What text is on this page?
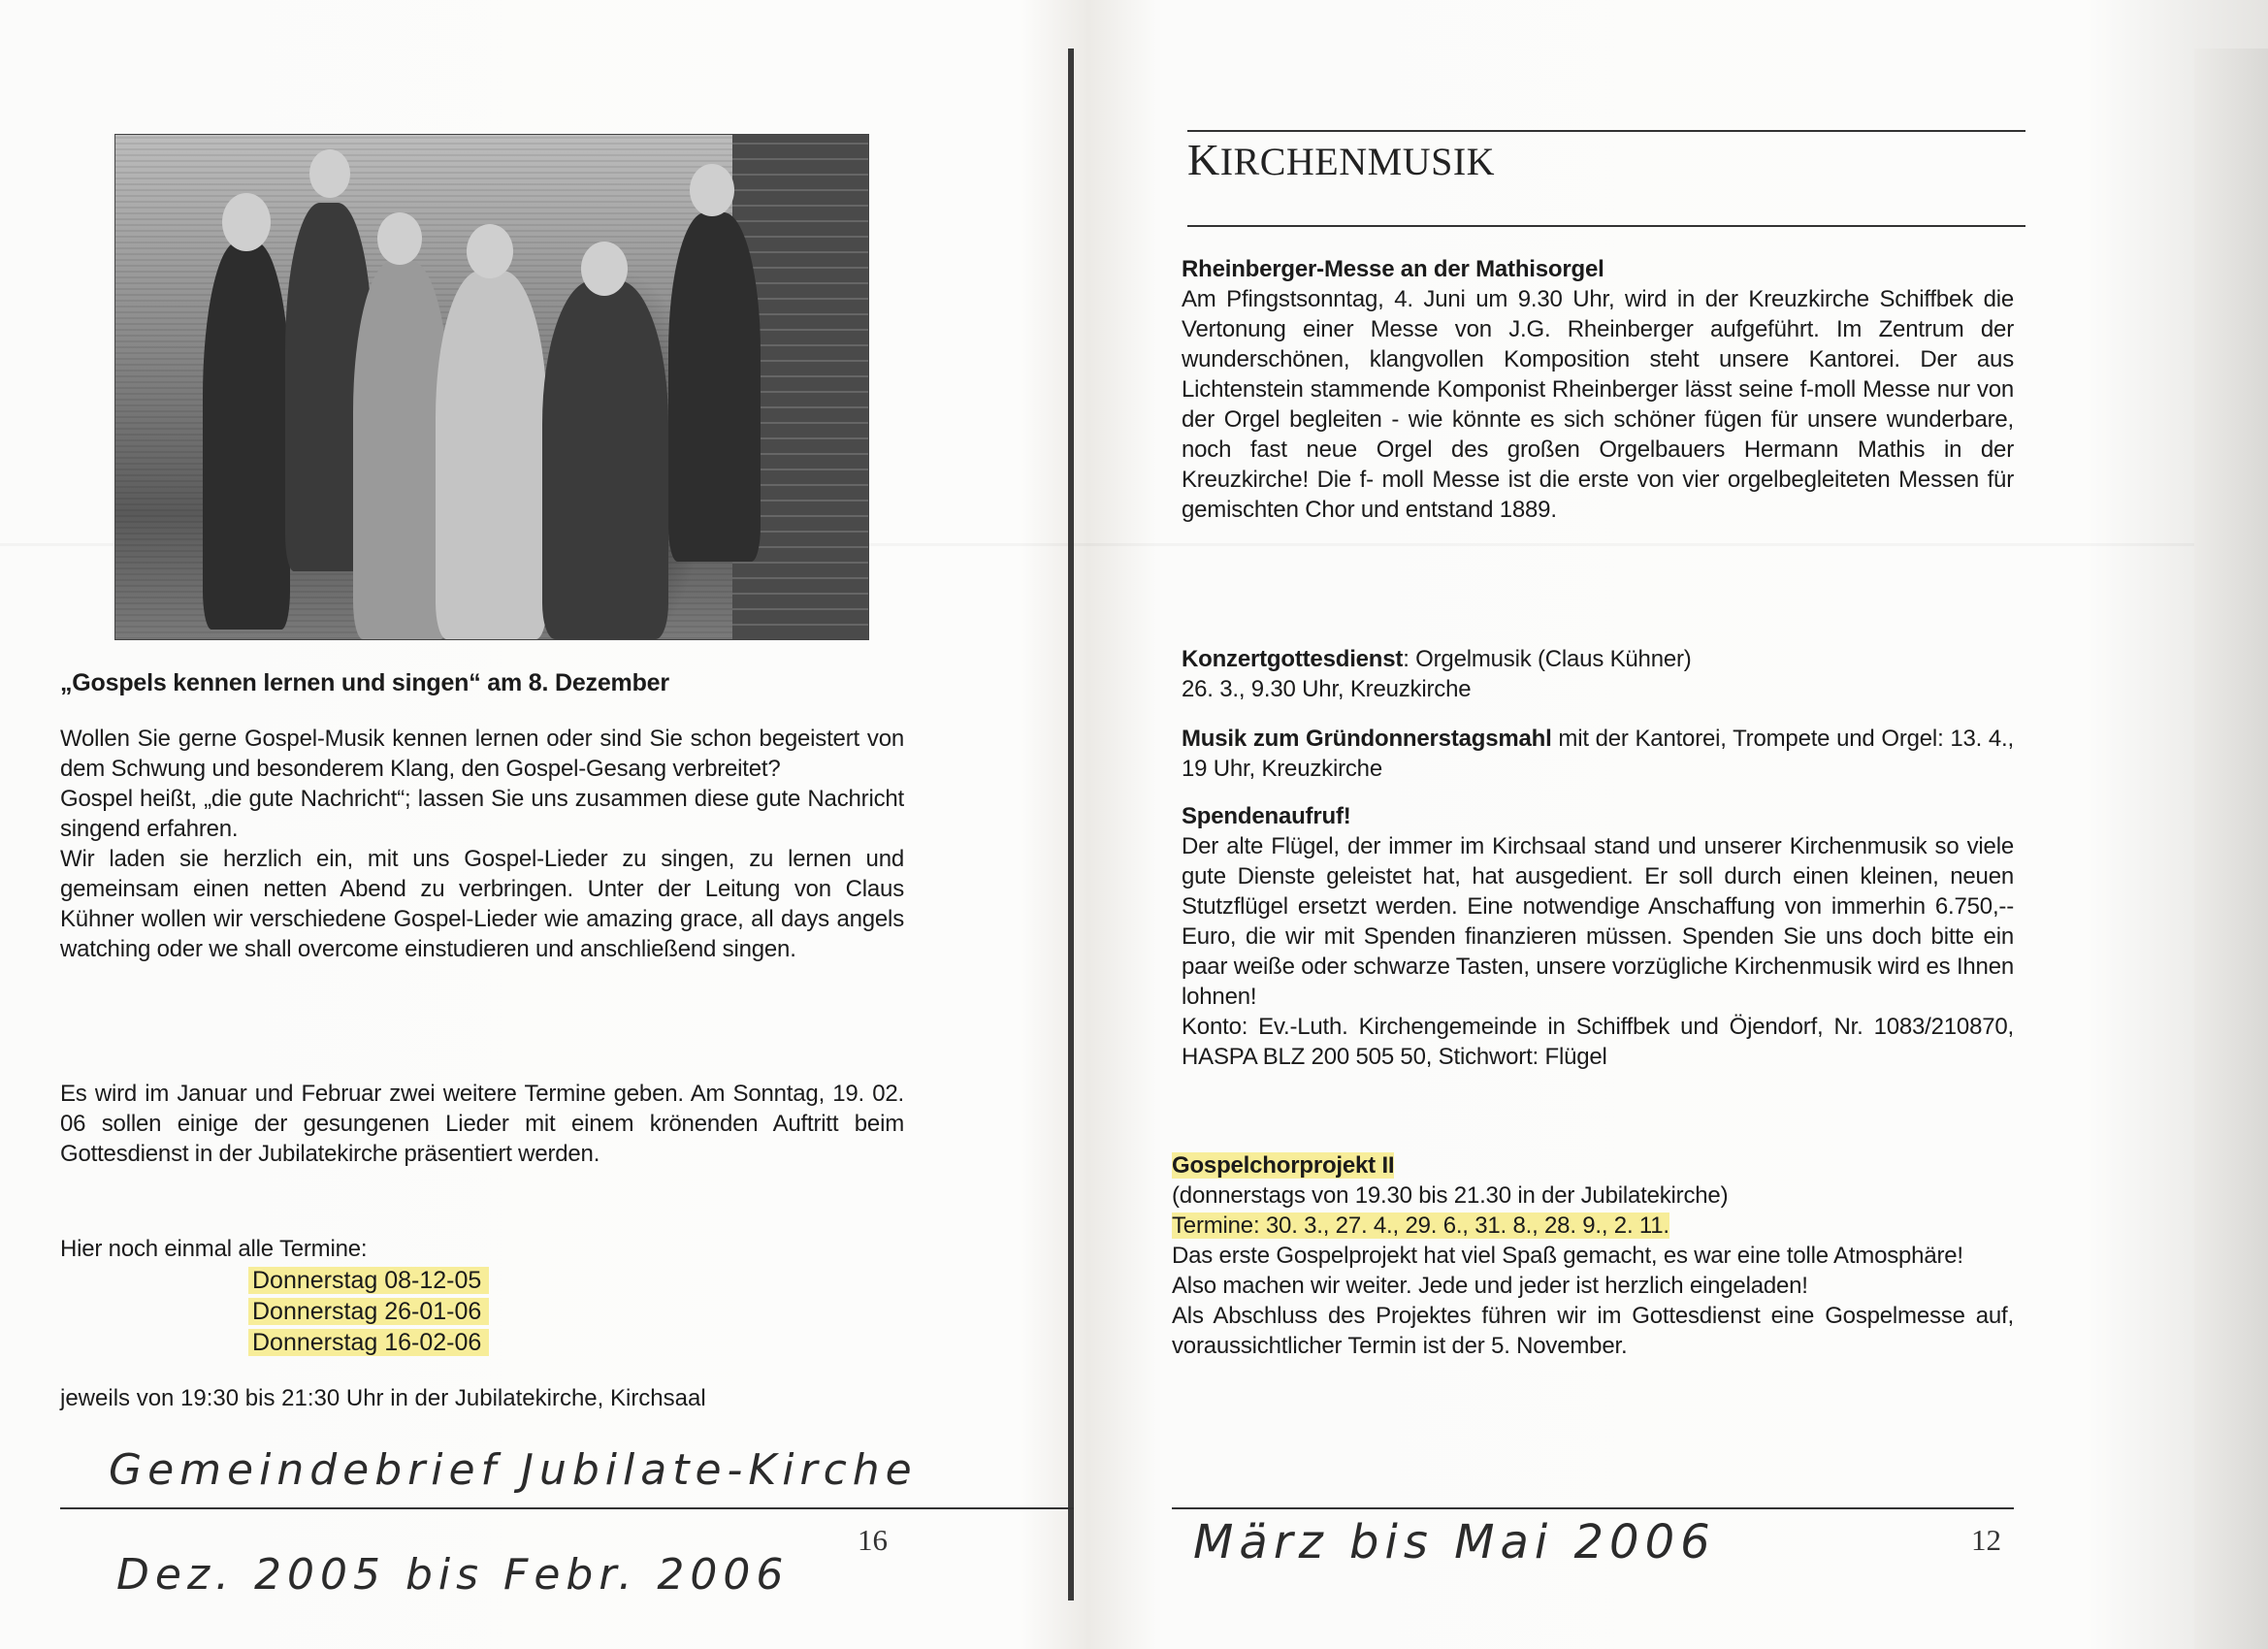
„Gospels kennen lernen und singen“ am 8. Dezember

Wollen Sie gerne Gospel-Musik kennen lernen oder sind Sie schon begeistert von dem Schwung und besonderem Klang, den Gospel-Gesang verbreitet?

Gospel heißt, „die gute Nachricht“; lassen Sie uns zusammen diese gute Nachricht singend erfahren.

Wir laden sie herzlich ein, mit uns Gospel-Lieder zu singen, zu lernen und gemeinsam einen netten Abend zu verbringen. Unter der Leitung von Claus Kühner wollen wir verschiedene Gospel-Lieder wie amazing grace, all days angels watching oder we shall overcome einstudieren und anschließend singen.

Es wird im Januar und Februar zwei weitere Termine geben. Am Sonntag, 19. 02. 06 sollen einige der gesungenen Lieder mit einem krönenden Auftritt beim Gottesdienst in der Jubilatekirche präsentiert werden.

Hier noch einmal alle Termine:
Donnerstag 08-12-05
Donnerstag 26-01-06
Donnerstag 16-02-06
jeweils von 19:30 bis 21:30 Uhr in der Jubilatekirche, Kirchsaal
Gemeindebrief Jubilate-Kirche
16
Dez. 2005 bis Febr. 2006
KIRCHENMUSIK

Rheinberger-Messe an der Mathisorgel

Am Pfingstsonntag, 4. Juni um 9.30 Uhr, wird in der Kreuzkirche Schiffbek die Vertonung einer Messe von J.G. Rheinberger aufgeführt. Im Zentrum der wunderschönen, klangvollen Komposition steht unsere Kantorei. Der aus Lichtenstein stammende Komponist Rheinberger lässt seine f-moll Messe nur von der Orgel begleiten - wie könnte es sich schöner fügen für unsere wunderbare, noch fast neue Orgel des großen Orgelbauers Hermann Mathis in der Kreuzkirche! Die f- moll Messe ist die erste von vier orgelbegleiteten Messen für gemischten Chor und entstand 1889.

Konzertgottesdienst: Orgelmusik (Claus Kühner)

26. 3., 9.30 Uhr, Kreuzkirche

Musik zum Gründonnerstagsmahl mit der Kantorei, Trompete und Orgel: 13. 4., 19 Uhr, Kreuzkirche

Spendenaufruf!

Der alte Flügel, der immer im Kirchsaal stand und unserer Kirchenmusik so viele gute Dienste geleistet hat, hat ausgedient. Er soll durch einen kleinen, neuen Stutzflügel ersetzt werden. Eine notwendige Anschaffung von immerhin 6.750,-- Euro, die wir mit Spenden finanzieren müssen. Spenden Sie uns doch bitte ein paar weiße oder schwarze Tasten, unsere vorzügliche Kirchenmusik wird es Ihnen lohnen!

Konto: Ev.-Luth. Kirchengemeinde in Schiffbek und Öjendorf, Nr. 1083/210870, HASPA BLZ 200 505 50, Stichwort: Flügel

Gospelchorprojekt II

(donnerstags von 19.30 bis 21.30 in der Jubilatekirche)

Termine: 30. 3., 27. 4., 29. 6., 31. 8., 28. 9., 2. 11.

Das erste Gospelprojekt hat viel Spaß gemacht, es war eine tolle Atmosphäre!

Also machen wir weiter. Jede und jeder ist herzlich eingeladen!

Als Abschluss des Projektes führen wir im Gottesdienst eine Gospelmesse auf, voraussichtlicher Termin ist der 5. November.

März bis Mai 2006	12
